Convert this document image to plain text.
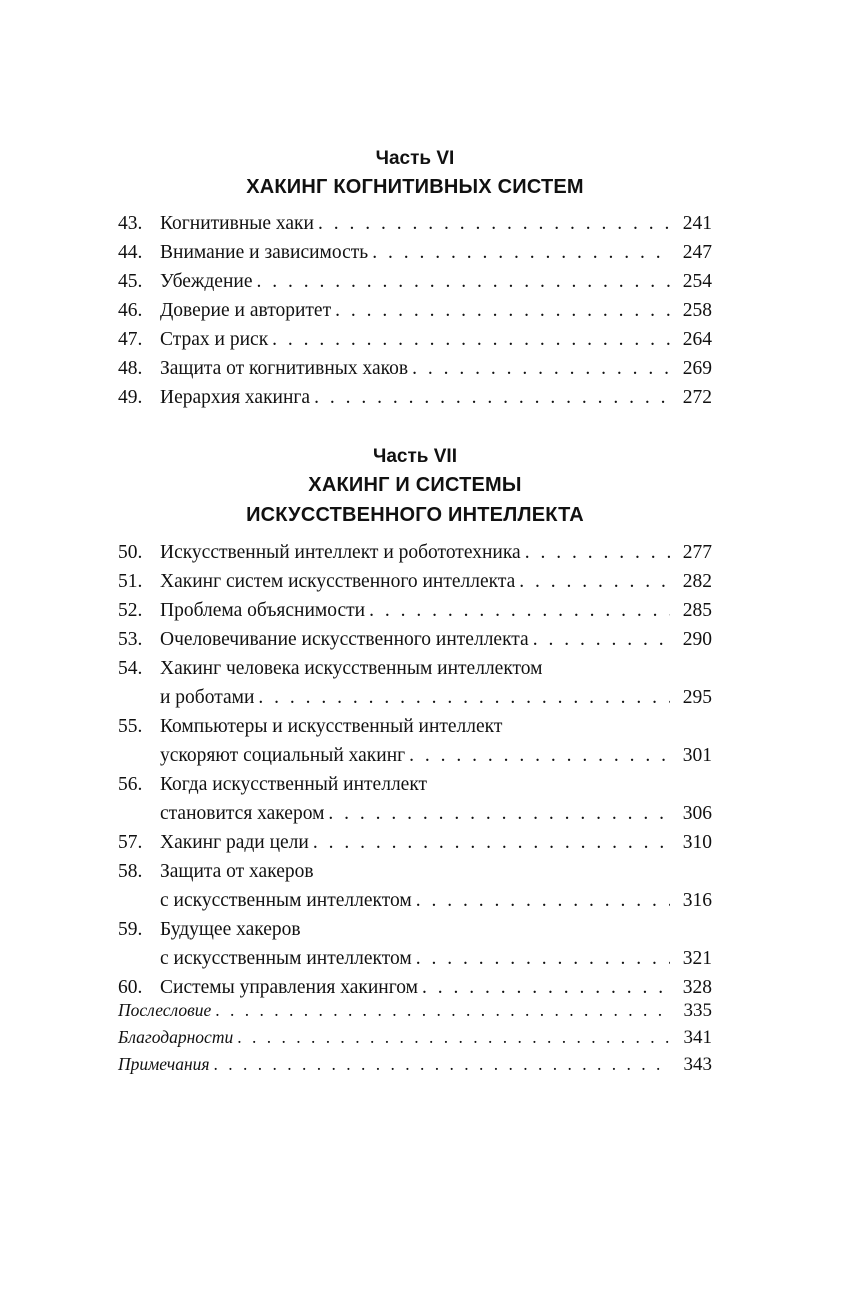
Часть VI
ХАКИНГ КОГНИТИВНЫХ СИСТЕМ
43. Когнитивные хаки . . .	241
44. Внимание и зависимость . . .	247
45. Убеждение . . .	254
46. Доверие и авторитет . . .	258
47. Страх и риск . . .	264
48. Защита от когнитивных хаков . . .	269
49. Иерархия хакинга . . .	272
Часть VII
ХАКИНГ И СИСТЕМЫ
ИСКУССТВЕННОГО ИНТЕЛЛЕКТА
50. Искусственный интеллект и робототехника . . .	277
51. Хакинг систем искусственного интеллекта . . .	282
52. Проблема объяснимости . . .	285
53. Очеловечивание искусственного интеллекта . . .	290
54. Хакинг человека искусственным интеллектом
и роботами . . .	295
55. Компьютеры и искусственный интеллект
ускоряют социальный хакинг . . .	301
56. Когда искусственный интеллект
становится хакером . . .	306
57. Хакинг ради цели . . .	310
58. Защита от хакеров
с искусственным интеллектом . . .	316
59. Будущее хакеров
с искусственным интеллектом . . .	321
60. Системы управления хакингом . . .	328
Послесловие . . .	335
Благодарности . . .	341
Примечания . . .	343
